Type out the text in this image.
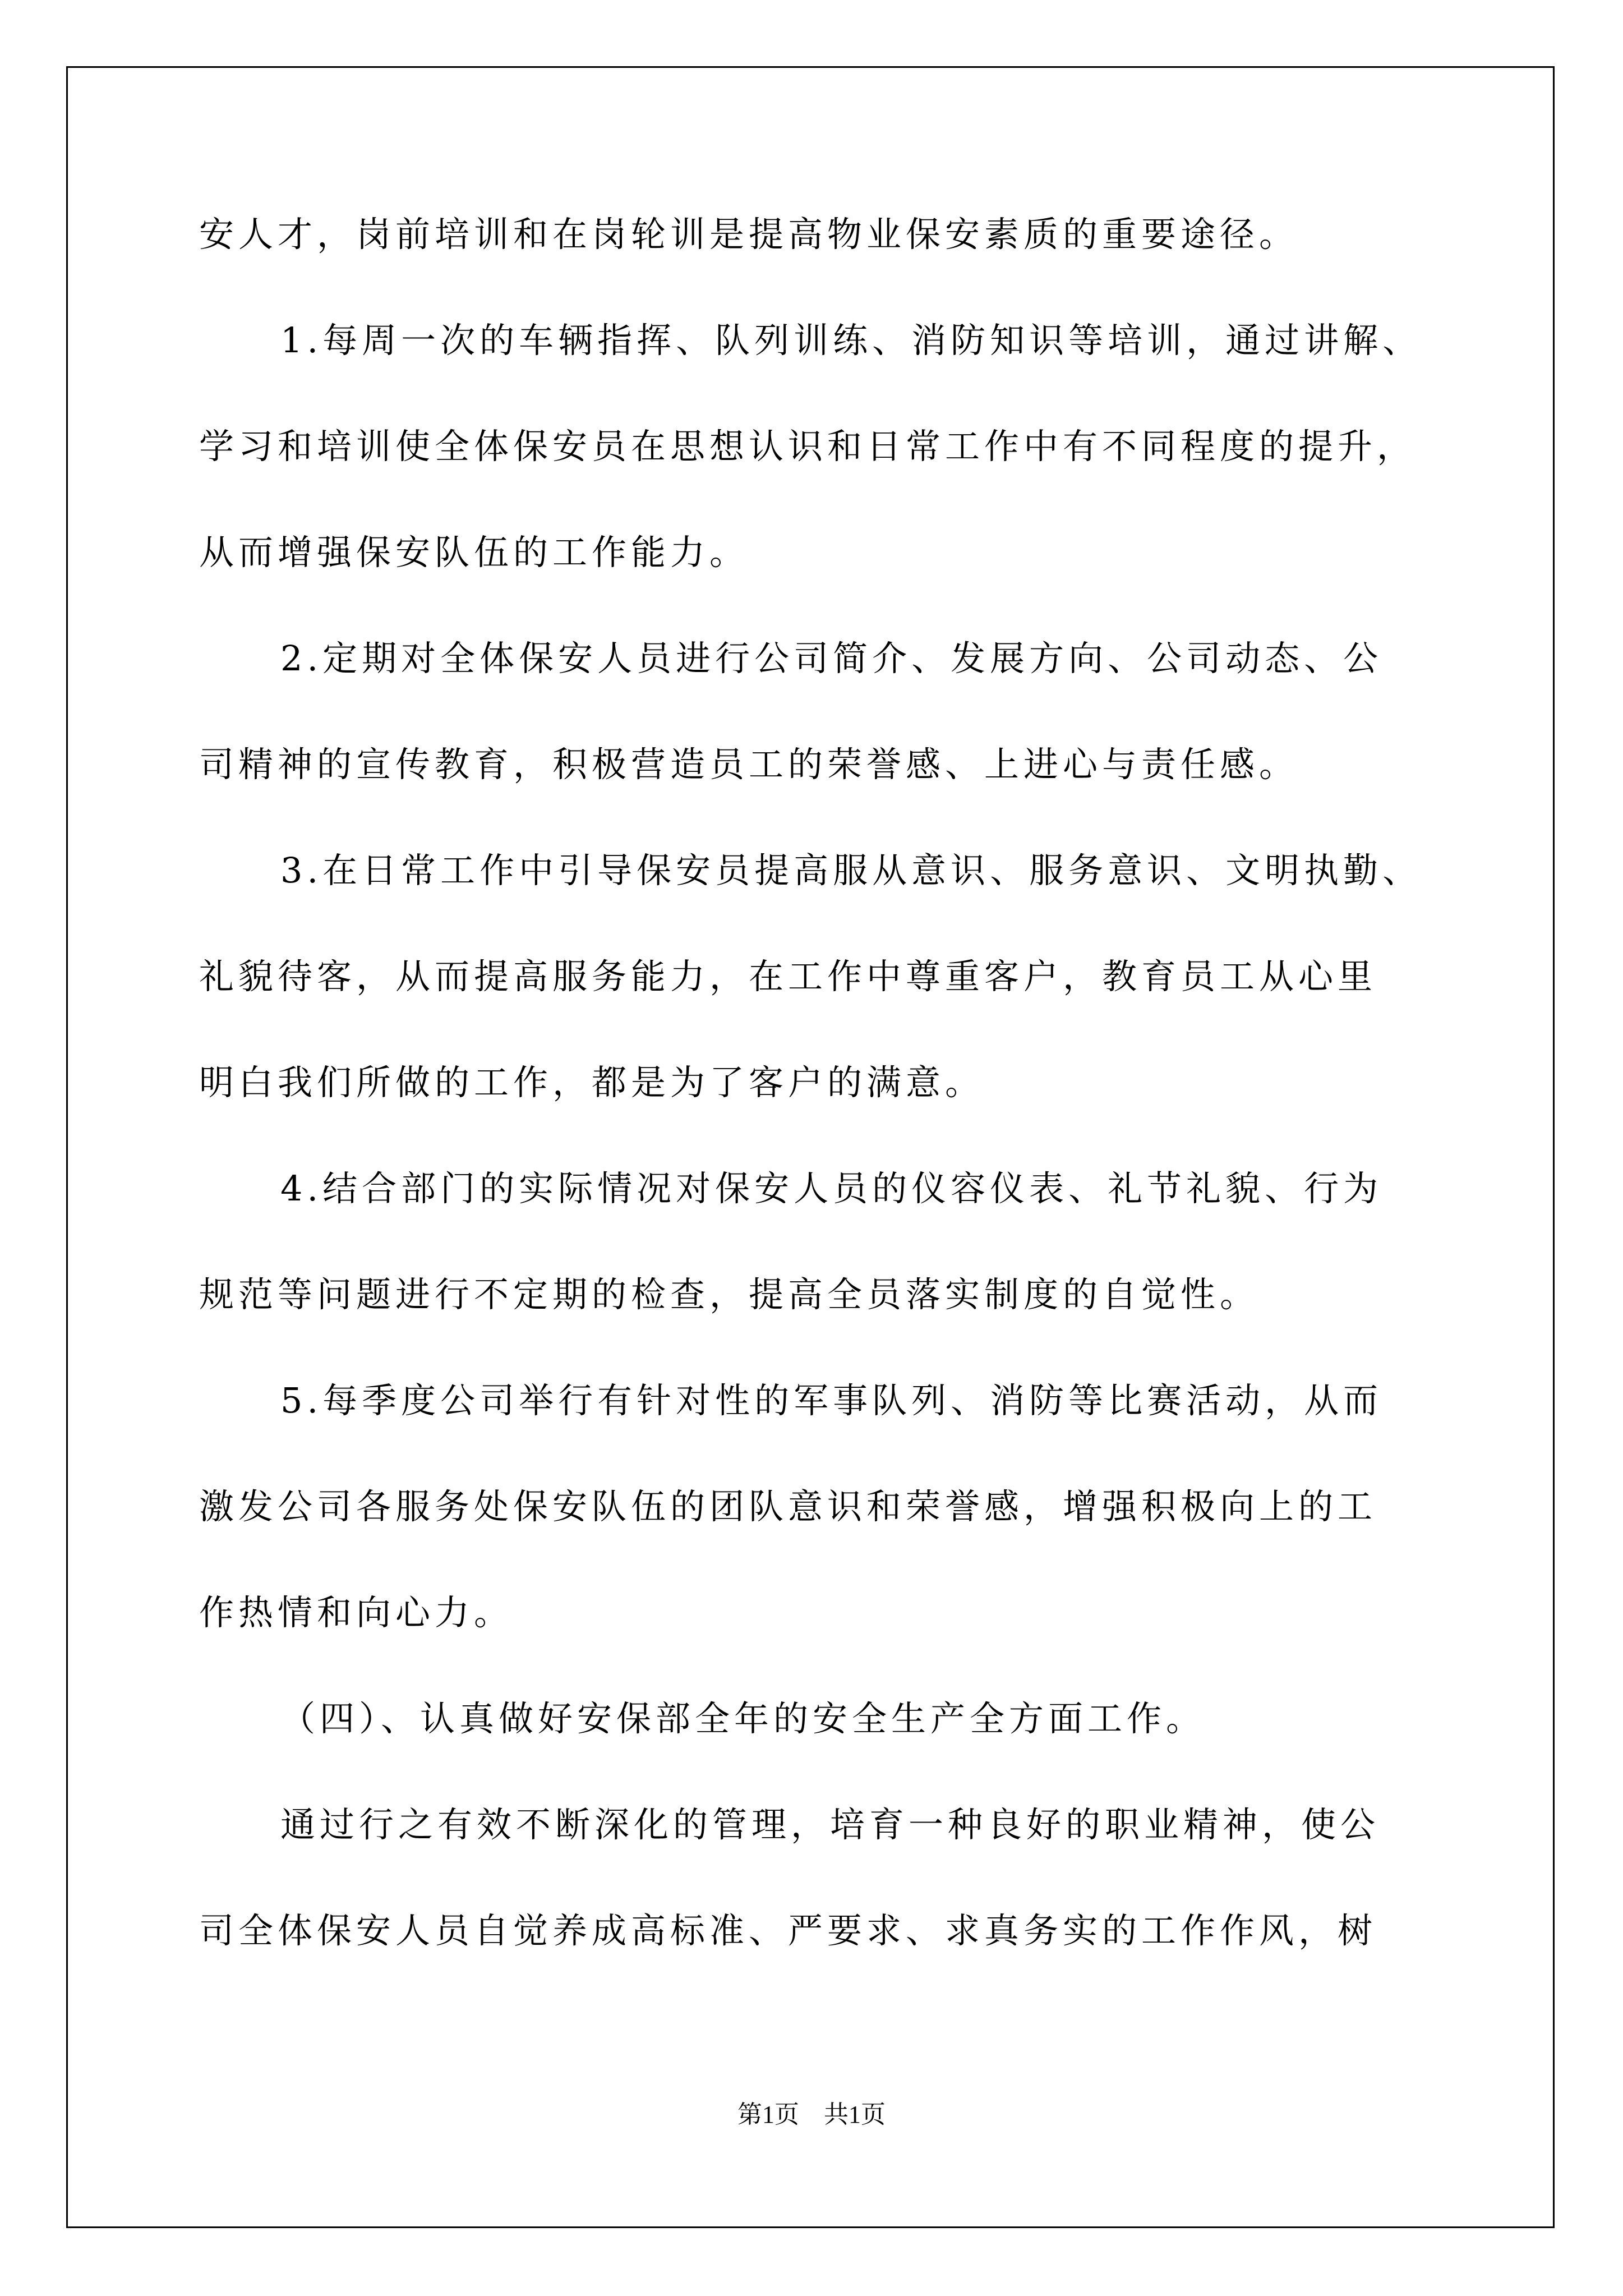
安人才，岗前培训和在岗轮训是提高物业保安素质的重要途径。
1.每周一次的车辆指挥、队列训练、消防知识等培训，通过讲解、
学习和培训使全体保安员在思想认识和日常工作中有不同程度的提升，
从而增强保安队伍的工作能力。
2.定期对全体保安人员进行公司简介、发展方向、公司动态、公
司精神的宣传教育，积极营造员工的荣誉感、上进心与责任感。
3.在日常工作中引导保安员提高服从意识、服务意识、文明执勤、
礼貌待客，从而提高服务能力，在工作中尊重客户，教育员工从心里
明白我们所做的工作，都是为了客户的满意。
4.结合部门的实际情况对保安人员的仪容仪表、礼节礼貌、行为
规范等问题进行不定期的检查，提高全员落实制度的自觉性。
5.每季度公司举行有针对性的军事队列、消防等比赛活动，从而
激发公司各服务处保安队伍的团队意识和荣誉感，增强积极向上的工
作热情和向心力。
（四）、认真做好安保部全年的安全生产全方面工作。
通过行之有效不断深化的管理，培育一种良好的职业精神，使公
司全体保安人员自觉养成高标准、严要求、求真务实的工作作风，树
第1页　共1页
